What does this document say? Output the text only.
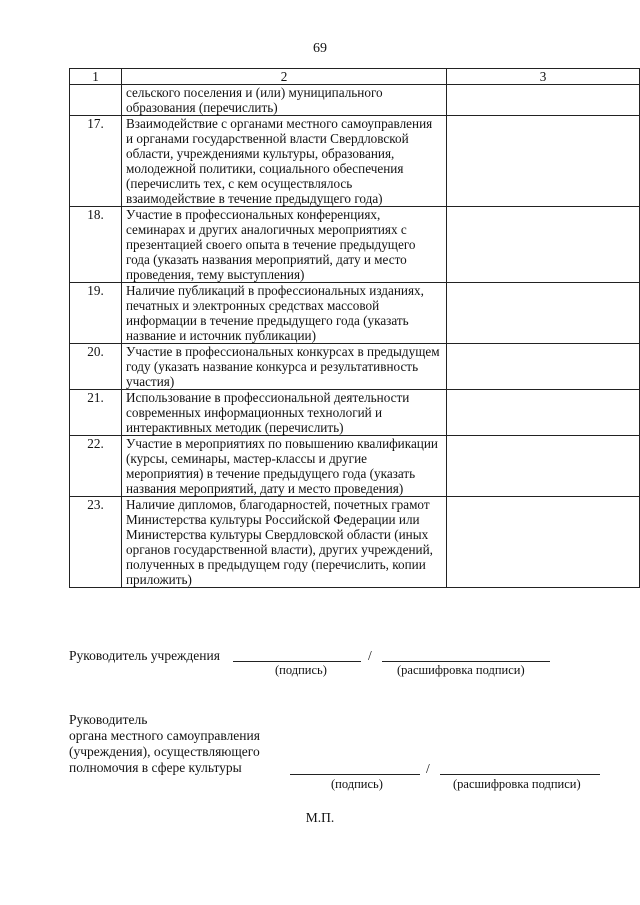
69
1	2	3
	сельского поселения и (или) муниципального образования (перечислить)	
17.	Взаимодействие с органами местного самоуправления и органами государственной власти Свердловской области, учреждениями культуры, образования, молодежной политики, социального обеспечения (перечислить тех, с кем осуществлялось взаимодействие в течение предыдущего года)	
18.	Участие в профессиональных конференциях, семинарах и других аналогичных мероприятиях с презентацией своего опыта в течение предыдущего года (указать названия мероприятий, дату и место проведения, тему выступления)	
19.	Наличие публикаций в профессиональных изданиях, печатных и электронных средствах массовой информации в течение предыдущего года (указать название и источник публикации)	
20.	Участие в профессиональных конкурсах в предыдущем году (указать название конкурса и результативность участия)	
21.	Использование в профессиональной деятельности современных информационных технологий и интерактивных методик (перечислить)	
22.	Участие в мероприятиях по повышению квалификации (курсы, семинары, мастер-классы и другие мероприятия) в течение предыдущего года (указать названия мероприятий, дату и место проведения)	
23.	Наличие дипломов, благодарностей, почетных грамот Министерства культуры Российской Федерации или Министерства культуры Свердловской области (иных органов государственной власти), других учреждений, полученных в предыдущем году (перечислить, копии приложить)	
Руководитель учреждения	/
(подпись)	(расшифровка подписи)
Руководитель
органа местного самоуправления
(учреждения), осуществляющего
полномочия в сфере культуры	/
(подпись)	(расшифровка подписи)
М.П.
